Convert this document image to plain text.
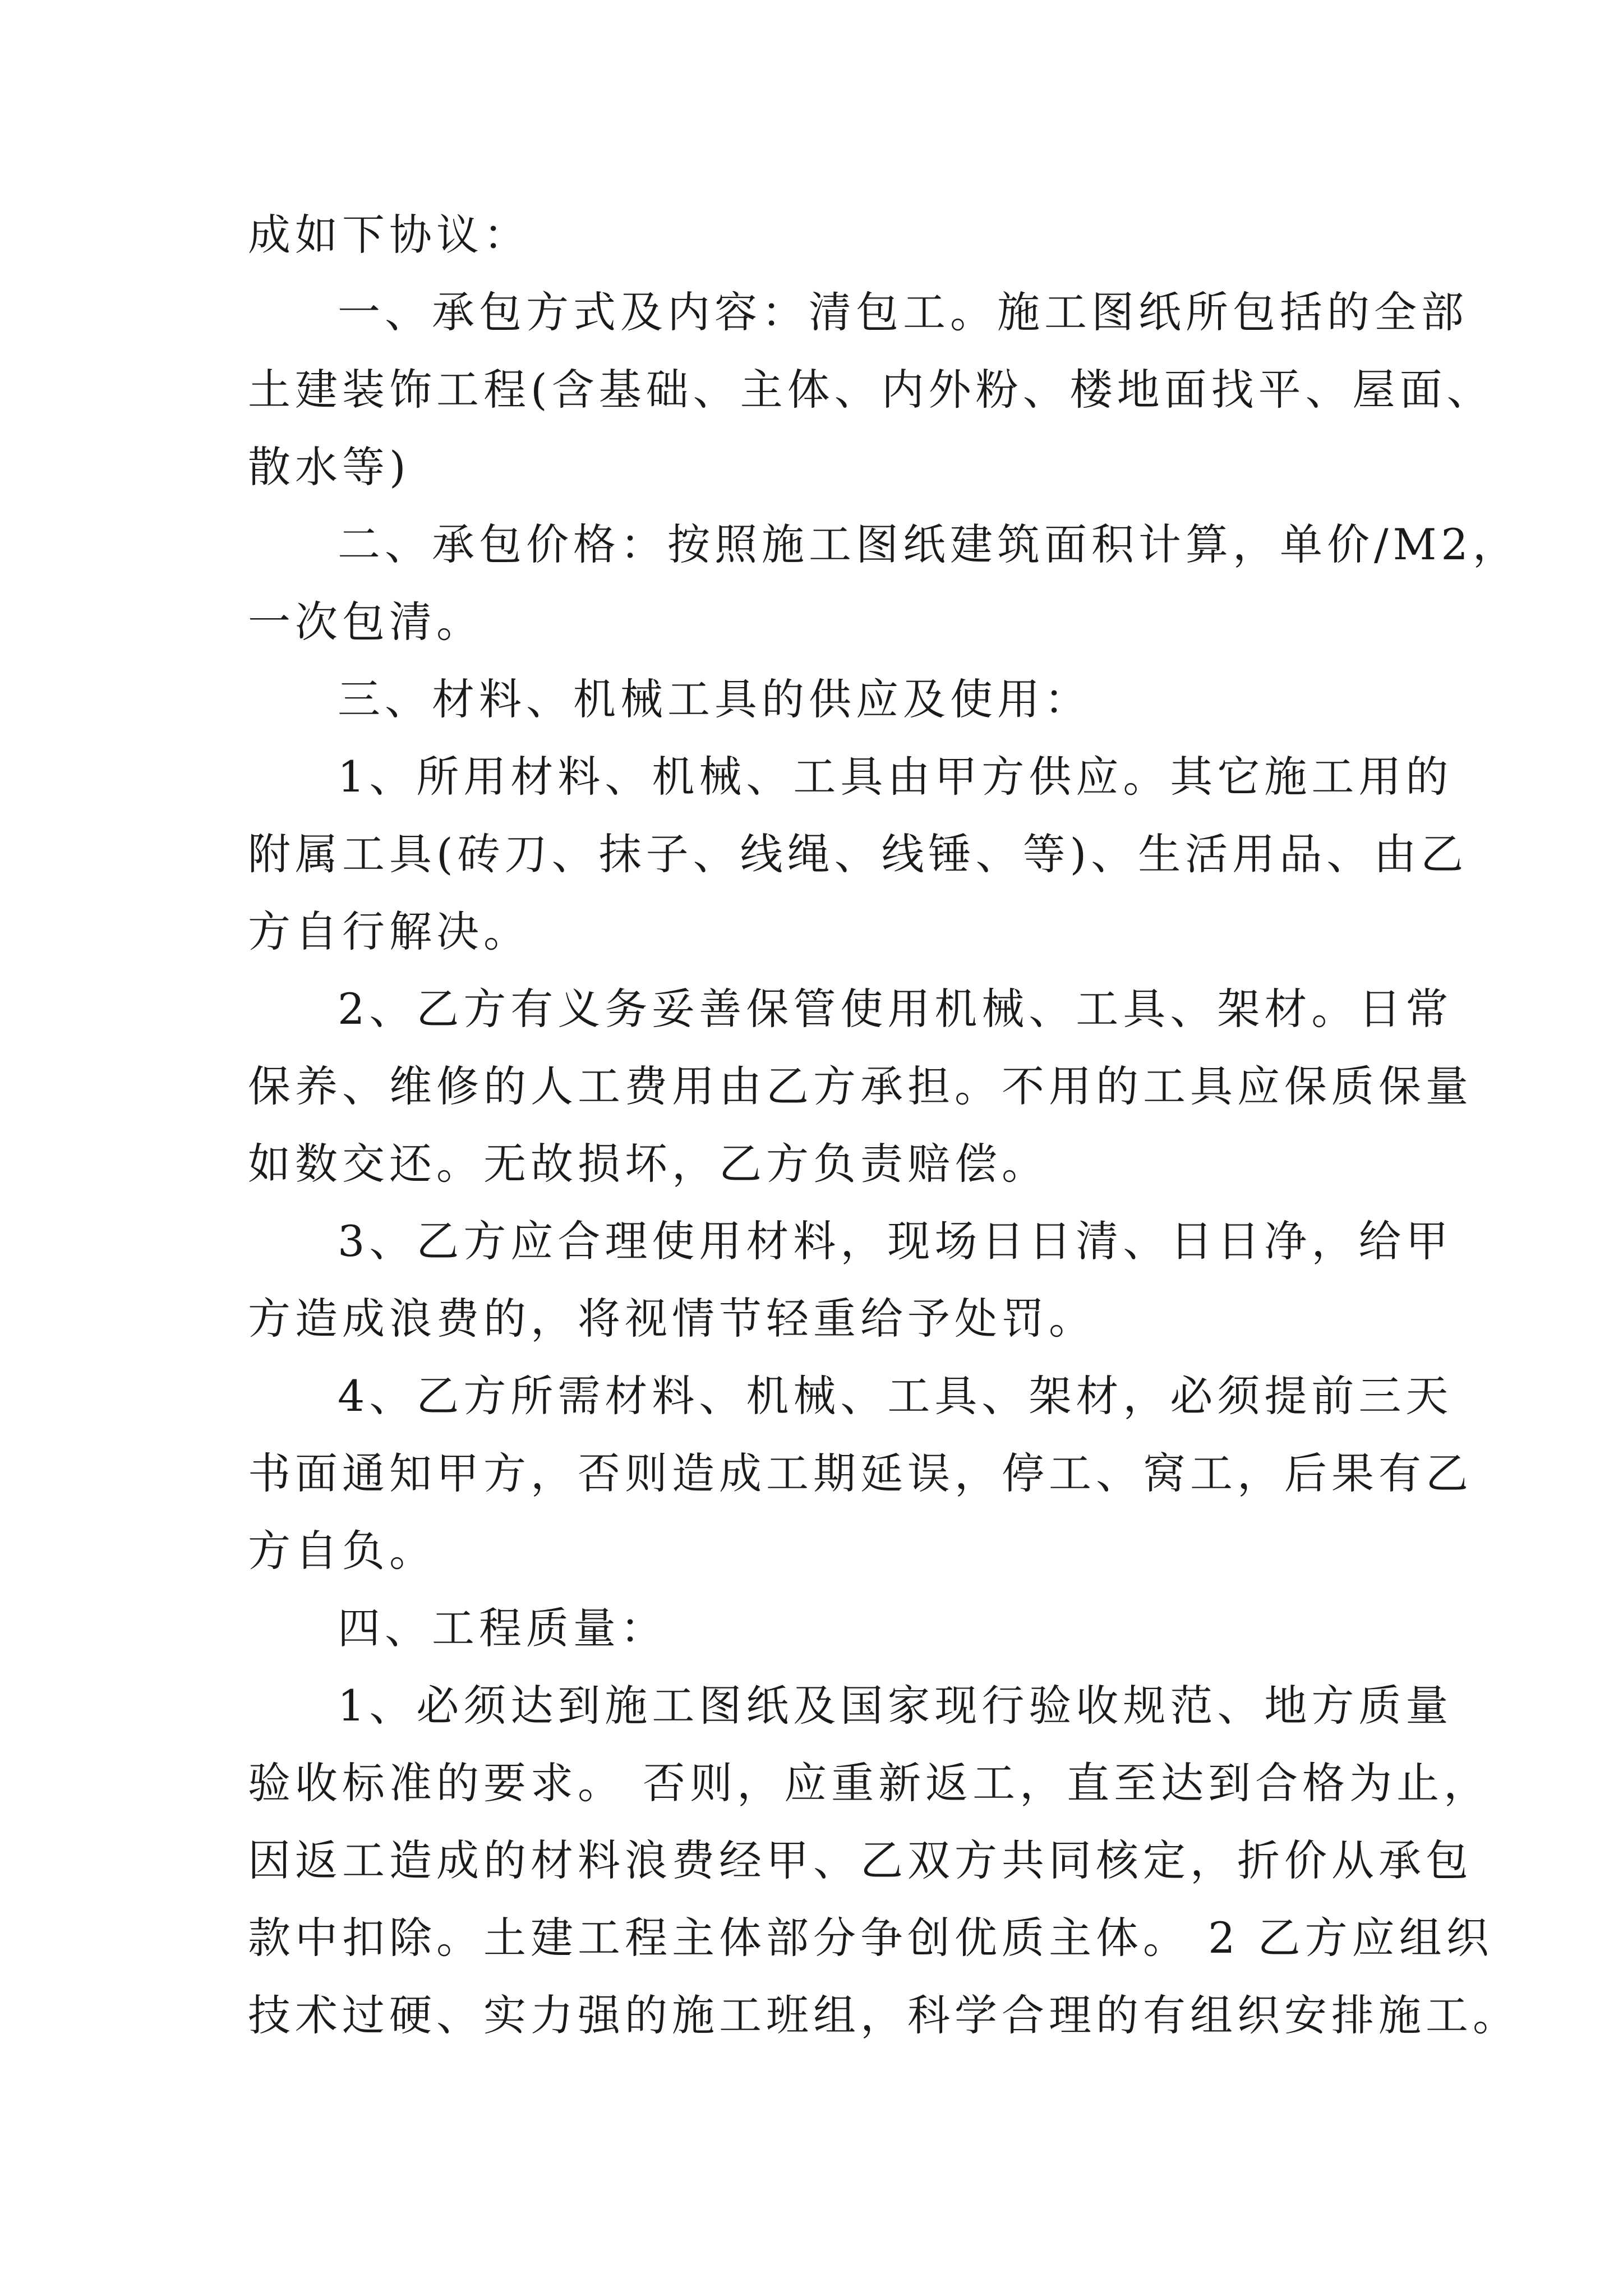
成如下协议：
一、承包方式及内容：清包工。施工图纸所包括的全部
土建装饰工程(含基础、主体、内外粉、楼地面找平、屋面、
散水等)
二、承包价格：按照施工图纸建筑面积计算，单价/M2，
一次包清。
三、材料、机械工具的供应及使用：
1、所用材料、机械、工具由甲方供应。其它施工用的
附属工具(砖刀、抹子、线绳、线锤、等)、生活用品、由乙
方自行解决。
2、乙方有义务妥善保管使用机械、工具、架材。日常
保养、维修的人工费用由乙方承担。不用的工具应保质保量
如数交还。无故损坏，乙方负责赔偿。
3、乙方应合理使用材料，现场日日清、日日净，给甲
方造成浪费的，将视情节轻重给予处罚。
4、乙方所需材料、机械、工具、架材，必须提前三天
书面通知甲方，否则造成工期延误，停工、窝工，后果有乙
方自负。
四、工程质量：
1、必须达到施工图纸及国家现行验收规范、地方质量
验收标准的要求。 否则，应重新返工，直至达到合格为止，
因返工造成的材料浪费经甲、乙双方共同核定，折价从承包
款中扣除。土建工程主体部分争创优质主体。 2 乙方应组织
技术过硬、实力强的施工班组，科学合理的有组织安排施工。
